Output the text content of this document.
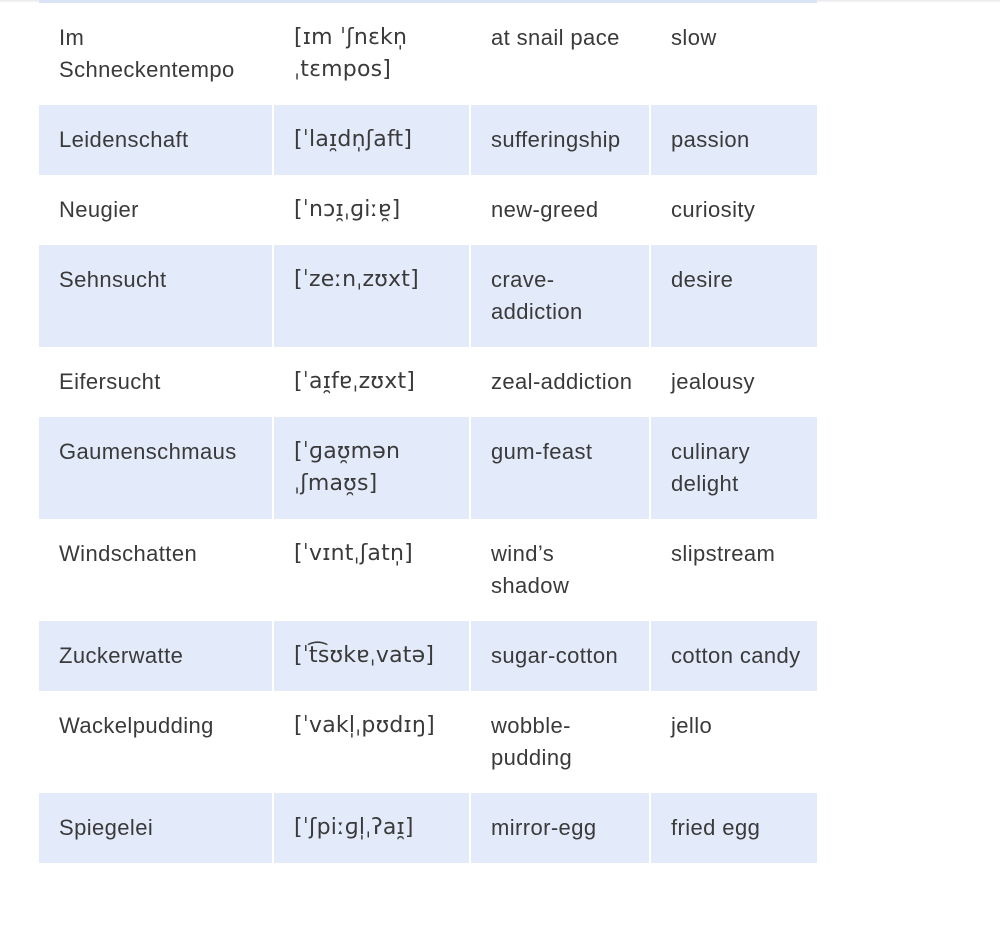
Im Schneckentempo	[ɪm ˈʃnɛkn̩ ˌtɛmpos]	at snail pace	slow
Leidenschaft	[ˈlaɪ̯dn̩ʃaft]	sufferingship	passion
Neugier	[ˈnɔɪ̯ˌɡiːɐ̯]	new-greed	curiosity
Sehnsucht	[ˈzeːnˌzʊxt]	crave-addiction	desire
Eifersucht	[ˈaɪ̯fɐˌzʊxt]	zeal-addiction	jealousy
Gaumenschmaus	[ˈɡaʊ̯mən ˌʃmaʊ̯s]	gum-feast	culinary delight
Windschatten	[ˈvɪntˌʃatn̩]	wind’s shadow	slipstream
Zuckerwatte	[ˈt͡sʊkɐˌvatə]	sugar-cotton	cotton candy
Wackelpudding	[ˈvakl̩ˌpʊdɪŋ]	wobble-pudding	jello
Spiegelei	[ˈʃpiːɡl̩ˌʔaɪ̯]	mirror-egg	fried egg
